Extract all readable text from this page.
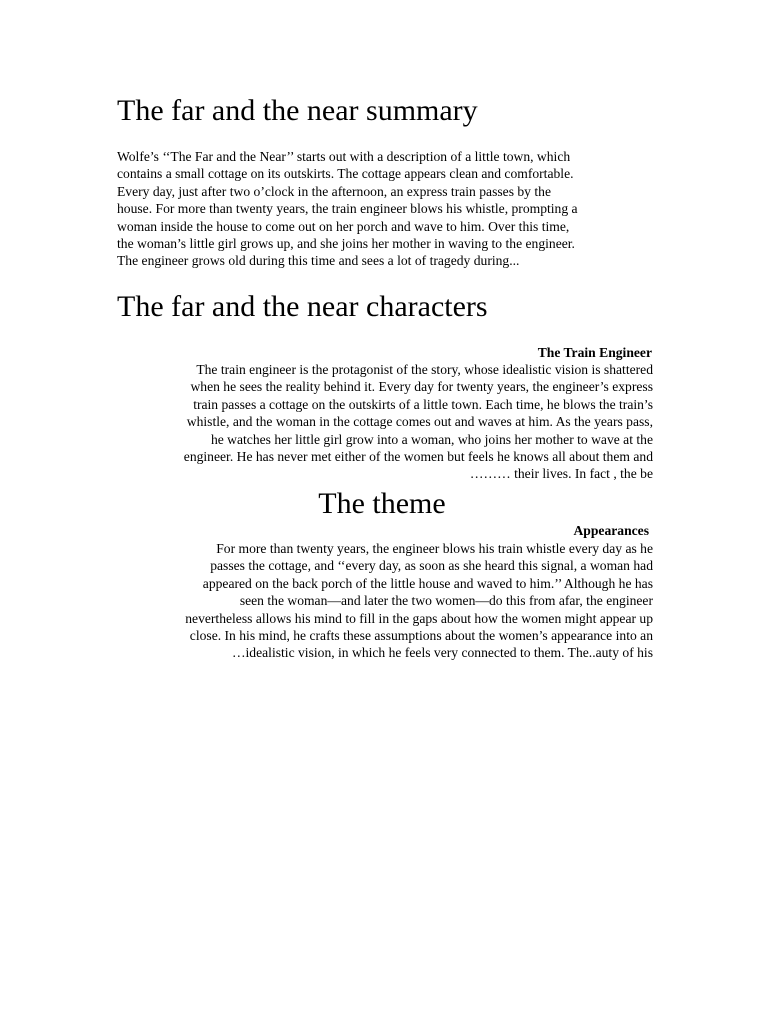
The far and the near summary
Wolfe’s ‘‘The Far and the Near’’ starts out with a description of a little town, which
contains a small cottage on its outskirts. The cottage appears clean and comfortable.
Every day, just after two o’clock in the afternoon, an express train passes by the
house. For more than twenty years, the train engineer blows his whistle, prompting a
woman inside the house to come out on her porch and wave to him. Over this time,
the woman’s little girl grows up, and she joins her mother in waving to the engineer.
The engineer grows old during this time and sees a lot of tragedy during...
The far and the near characters
The Train Engineer
The train engineer is the protagonist of the story, whose idealistic vision is shattered
when he sees the reality behind it. Every day for twenty years, the engineer’s express
train passes a cottage on the outskirts of a little town. Each time, he blows the train’s
whistle, and the woman in the cottage comes out and waves at him. As the years pass,
he watches her little girl grow into a woman, who joins her mother to wave at the
engineer. He has never met either of the women but feels he knows all about them and
……… their lives. In fact , the be
The theme
Appearances
For more than twenty years, the engineer blows his train whistle every day as he
passes the cottage, and ‘‘every day, as soon as she heard this signal, a woman had
appeared on the back porch of the little house and waved to him.’’ Although he has
seen the woman—and later the two women—do this from afar, the engineer
nevertheless allows his mind to fill in the gaps about how the women might appear up
close. In his mind, he crafts these assumptions about the women’s appearance into an
…idealistic vision, in which he feels very connected to them. The..auty of his
